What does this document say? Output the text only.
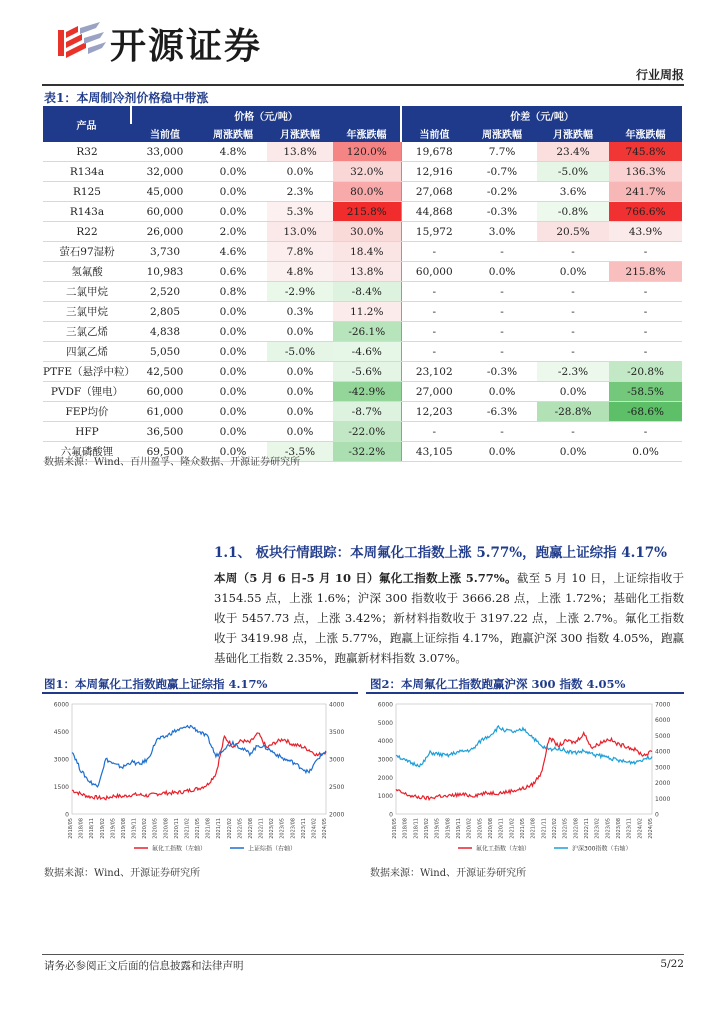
开源证券
行业周报
表1：本周制冷剂价格稳中带涨
产品	价格（元/吨）				价差（元/吨）			
	当前值	周涨跌幅	月涨跌幅	年涨跌幅	当前值	周涨跌幅	月涨跌幅	年涨跌幅
R32	33,000	4.8%	13.8%	120.0%	19,678	7.7%	23.4%	745.8%
R134a	32,000	0.0%	0.0%	32.0%	12,916	-0.7%	-5.0%	136.3%
R125	45,000	0.0%	2.3%	80.0%	27,068	-0.2%	3.6%	241.7%
R143a	60,000	0.0%	5.3%	215.8%	44,868	-0.3%	-0.8%	766.6%
R22	26,000	2.0%	13.0%	30.0%	15,972	3.0%	20.5%	43.9%
萤石97湿粉	3,730	4.6%	7.8%	18.4%	-	-	-	-
氢氟酸	10,983	0.6%	4.8%	13.8%	60,000	0.0%	0.0%	215.8%
二氯甲烷	2,520	0.8%	-2.9%	-8.4%	-	-	-	-
三氯甲烷	2,805	0.0%	0.3%	11.2%	-	-	-	-
三氯乙烯	4,838	0.0%	0.0%	-26.1%	-	-	-	-
四氯乙烯	5,050	0.0%	-5.0%	-4.6%	-	-	-	-
PTFE（悬浮中粒）	42,500	0.0%	0.0%	-5.6%	23,102	-0.3%	-2.3%	-20.8%
PVDF（锂电）	60,000	0.0%	0.0%	-42.9%	27,000	0.0%	0.0%	-58.5%
FEP均价	61,000	0.0%	0.0%	-8.7%	12,203	-6.3%	-28.8%	-68.6%
HFP	36,500	0.0%	0.0%	-22.0%	-	-	-	-
六氟磷酸锂	69,500	0.0%	-3.5%	-32.2%	43,105	0.0%	0.0%	0.0%
数据来源：Wind、百川盈孚、隆众数据、开源证券研究所
1.1、 板块行情跟踪：本周氟化工指数上涨 5.77%，跑赢上证综指 4.17%
本周（5 月 6 日-5 月 10 日）氟化工指数上涨 5.77%。截至 5 月 10 日，上证综指收于 3154.55 点，上涨 1.6%；沪深 300 指数收于 3666.28 点，上涨 1.72%；基础化工指数收于 5457.73 点，上涨 3.42%；新材料指数收于 3197.22 点，上涨 2.7%。氟化工指数收于 3419.98 点，上涨 5.77%，跑赢上证综指 4.17%，跑赢沪深 300 指数 4.05%，跑赢基础化工指数 2.35%，跑赢新材料指数 3.07%。
图1：本周氟化工指数跑赢上证综指 4.17%
0
1500
3000
4500
6000
2000
2500
3000
3500
4000
2018/05 2018/08 2018/11 2019/02 2019/05 2019/08 2019/11 2020/02 2020/05 2020/08 2020/11 2021/02 2021/05 2021/08 2021/11 2022/02 2022/05 2022/08 2022/11 2023/02 2023/05 2023/08 2023/11 2024/02 2024/05
氟化工指数（左轴）	上证综指（右轴）
数据来源：Wind、开源证券研究所
图2：本周氟化工指数跑赢沪深 300 指数 4.05%
0
1000
2000
3000
4000
5000
6000
0
1000
2000
3000
4000
5000
6000
7000
2018/05 2018/08 2018/11 2019/02 2019/05 2019/08 2019/11 2020/02 2020/05 2020/08 2020/11 2021/02 2021/05 2021/08 2021/11 2022/02 2022/05 2022/08 2022/11 2023/02 2023/05 2023/08 2023/11 2024/02 2024/05
氟化工指数（左轴）	沪深300指数（右轴）
数据来源：Wind、开源证券研究所
请务必参阅正文后面的信息披露和法律声明	5/22
